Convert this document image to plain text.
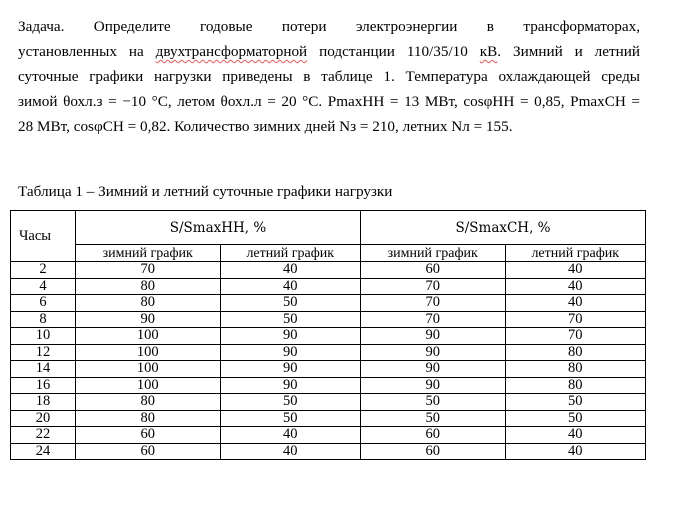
Задача. Определите годовые потери электроэнергии в трансформаторах,
установленных на двухтрансформаторной подстанции 110/35/10 кВ. Зимний и летний
суточные графики нагрузки приведены в таблице 1. Температура охлаждающей среды
зимой θохл.з = −10 °С, летом θохл.л = 20 °С. PmaxНН = 13 МВт, cosφНН = 0,85, PmaxСН =
28 МВт, cosφСН = 0,82. Количество зимних дней Nз = 210, летних Nл = 155.
Таблица 1 – Зимний и летний суточные графики нагрузки
Часы	S/SmaxНН, %		S/SmaxСН, %	
	зимний график	летний график	зимний график	летний график
2	70	40	60	40
4	80	40	70	40
6	80	50	70	40
8	90	50	70	70
10	100	90	90	70
12	100	90	90	80
14	100	90	90	80
16	100	90	90	80
18	80	50	50	50
20	80	50	50	50
22	60	40	60	40
24	60	40	60	40
